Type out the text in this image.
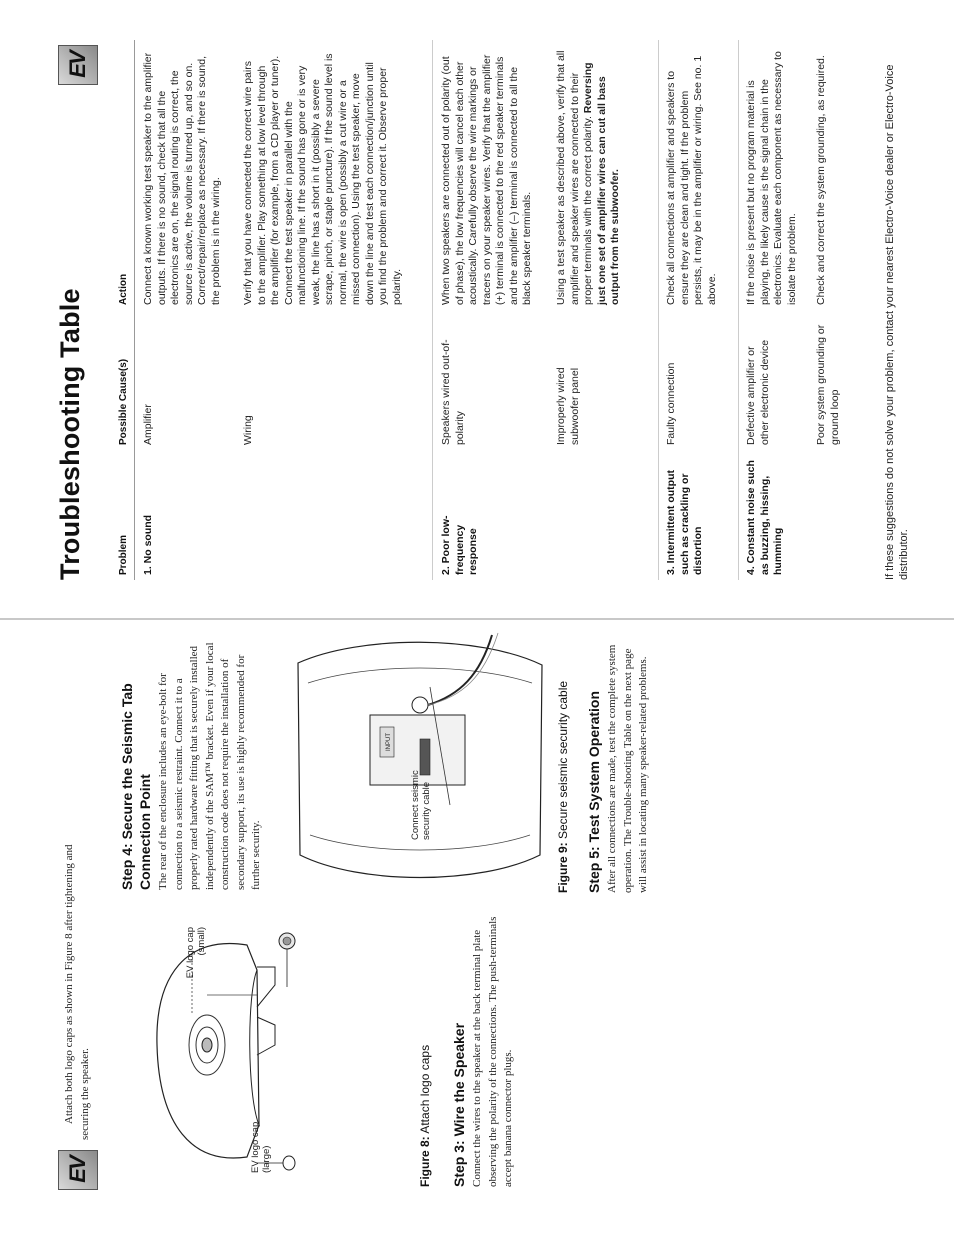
EV
Attach both logo caps as shown in Figure 8 after tightening and securing the speaker.
EV logo cap (large)
EV logo cap (small)
Figure 8: Attach logo caps Step 3: Wire the Speaker Connect the wires to the speaker at the back terminal plate observing the polarity of the connections. The push-terminals accept banana connector plugs.
Step 4: Secure the Seismic Tab Connection Point The rear of the enclosure includes an eye-bolt for connection to a seismic restraint. Connect it to a properly rated hardware fitting that is securely installed independently of the SAM™ bracket. Even if your local construction code does not require the installation of secondary support, its use is highly recommended for further security.
INPUT
Connect seismic security cable
Figure 9: Secure seismic security cable Step 5: Test System Operation After all connections are made, test the complete system operation. The Trouble-shooting Table on the next page will assist in locating many speaker-related problems.
Troubleshooting Table
EV
Problem
Possible Cause(s)
Action
1. No sound
Amplifier
Connect a known working test speaker to the amplifier outputs. If there is no sound, check that all the electronics are on, the signal routing is correct, the source is active, the volume is turned up, and so on. Correct/repair/replace as necessary. If there is sound, the problem is in the wiring.
Wiring
Verify that you have connected the correct wire pairs to the amplifier. Play something at low level through the amplifier (for example, from a CD player or tuner). Connect the test speaker in parallel with the malfunctioning line. If the sound has gone or is very weak, the line has a short in it (possibly a severe scrape, pinch, or staple puncture). If the sound level is normal, the wire is open (possibly a cut wire or a missed connection). Using the test speaker, move down the line and test each connection/junction until you find the problem and correct it. Observe proper polarity.
2. Poor low-frequency response
Speakers wired out-of-polarity
When two speakers are connected out of polarity (out of phase), the low frequencies will cancel each other acoustically. Carefully observe the wire markings or tracers on your speaker wires. Verify that the amplifier (+) terminal is connected to the red speaker terminals and the amplifier (–) terminal is connected to all the black speaker terminals.
Improperly wired subwoofer panel
Using a test speaker as described above, verify that all amplifier and speaker wires are connected to their proper terminals with the correct polarity. Reversing just one set of amplifier wires can cut all bass output from the subwoofer.
3. Intermittent output such as crackling or distortion
Faulty connection
Check all connections at amplifier and speakers to ensure they are clean and tight. If the problem persists, it may be in the amplifier or wiring. See no. 1 above.
4. Constant noise such as buzzing, hissing, humming
Defective amplifier or other electronic device
If the noise is present but no program material is playing, the likely cause is the signal chain in the electronics. Evaluate each component as necessary to isolate the problem.
Poor system grounding or ground loop
Check and correct the system grounding, as required.	If these suggestions do not solve your problem, contact your nearest Electro-Voice dealer or Electro-Voice distributor.
